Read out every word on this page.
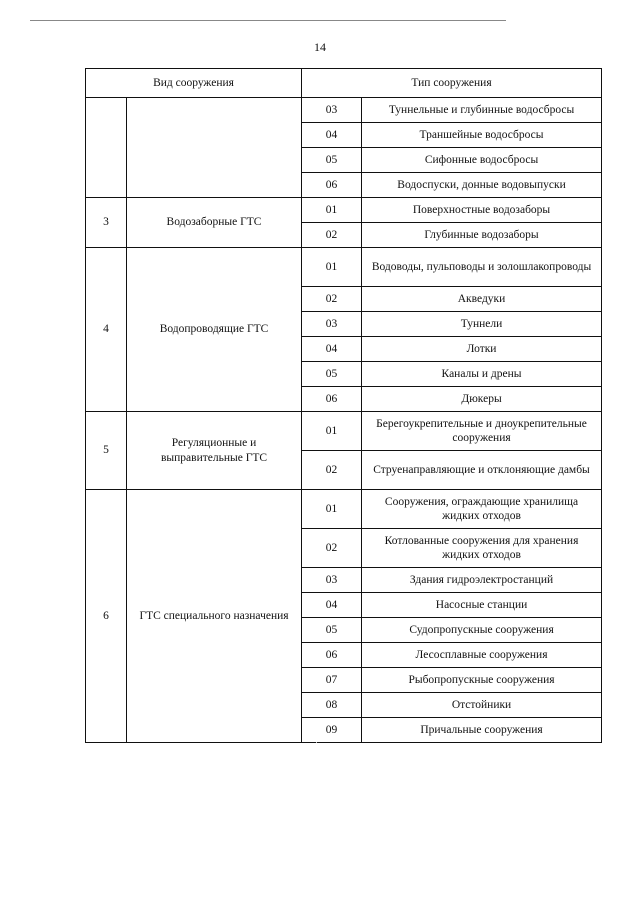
14
Вид сооружения		Тип сооружения	
		03	Туннельные и глубинные водосбросы
		04	Траншейные водосбросы
		05	Сифонные водосбросы
		06	Водоспуски, донные водовыпуски
3	Водозаборные ГТС	01	Поверхностные водозаборы
		02	Глубинные водозаборы
4	Водопроводящие ГТС	01	Водоводы, пульповоды и золошлакопроводы
		02	Акведуки
		03	Туннели
		04	Лотки
		05	Каналы и дрены
		06	Дюкеры
5	Регуляционные и выправительные ГТС	01	Берегоукрепительные и дноукрепительные сооружения
		02	Струенаправляющие и отклоняющие дамбы
6	ГТС специального назначения	01	Сооружения, ограждающие хранилища жидких отходов
		02	Котлованные сооружения для хранения жидких отходов
		03	Здания гидроэлектростанций
		04	Насосные станции
		05	Судопропускные сооружения
		06	Лесосплавные сооружения
		07	Рыбопропускные сооружения
		08	Отстойники
		09	Причальные сооружения
